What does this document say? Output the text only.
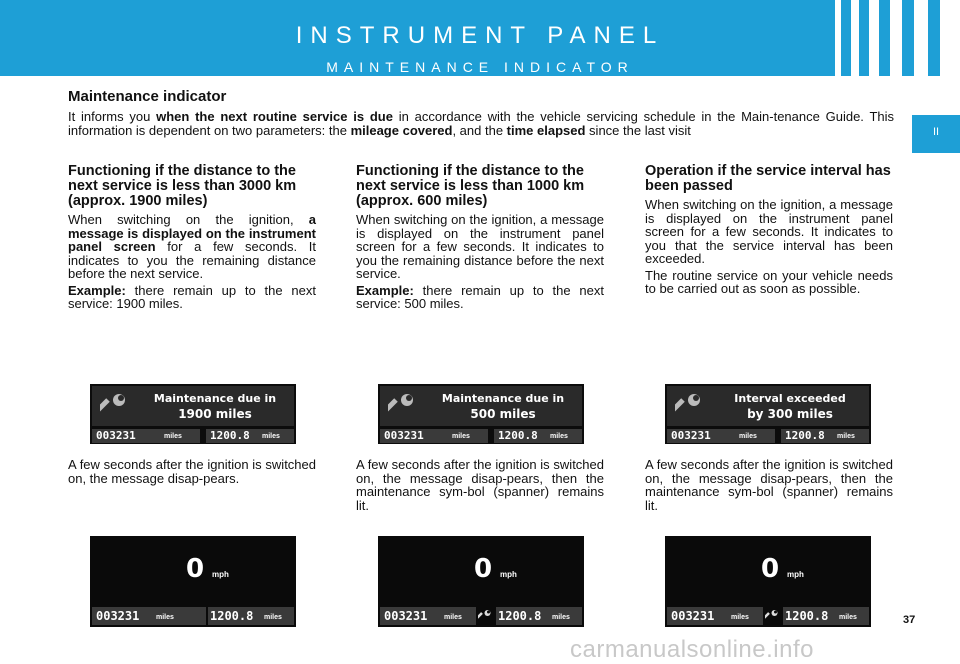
INSTRUMENT PANEL
MAINTENANCE INDICATOR
II
Maintenance indicator
It informs you when the next routine service is due in accordance with the vehicle servicing schedule in the Main-tenance Guide. This information is dependent on two parameters: the mileage covered, and the time elapsed since the last visit
Functioning if the distance to the next service is less than 3000 km (approx. 1900 miles)

When switching on the ignition, a message is displayed on the instrument panel screen for a few seconds. It indicates to you the remaining distance before the next service.

Example: there remain up to the next service: 1900 miles.

Functioning if the distance to the next service is less than 1000 km (approx. 600 miles)

When switching on the ignition, a message is displayed on the instrument panel screen for a few seconds. It indicates to you the remaining distance before the next service.

Example: there remain up to the next service: 500 miles.

Operation if the service interval has been passed

When switching on the ignition, a message is displayed on the instrument panel screen for a few seconds. It indicates to you that the service interval has been exceeded.

The routine service on your vehicle needs to be carried out as soon as possible.

Maintenance due in
1900 miles
003231	miles	1200.8 miles
Maintenance due in
500 miles
003231	miles	1200.8 miles
Interval exceeded
by 300 miles
003231	miles	1200.8 miles
A few seconds after the ignition is switched on, the message disap-pears.
A few seconds after the ignition is switched on, the message disap-pears, then the maintenance sym-bol (spanner) remains lit.
A few seconds after the ignition is switched on, the message disap-pears, then the maintenance sym-bol (spanner) remains lit.
0 mph
003231 miles	1200.8 miles
0 mph
003231 miles	1200.8 miles
0 mph
003231 miles	1200.8 miles	37
carmanualsonline.info
